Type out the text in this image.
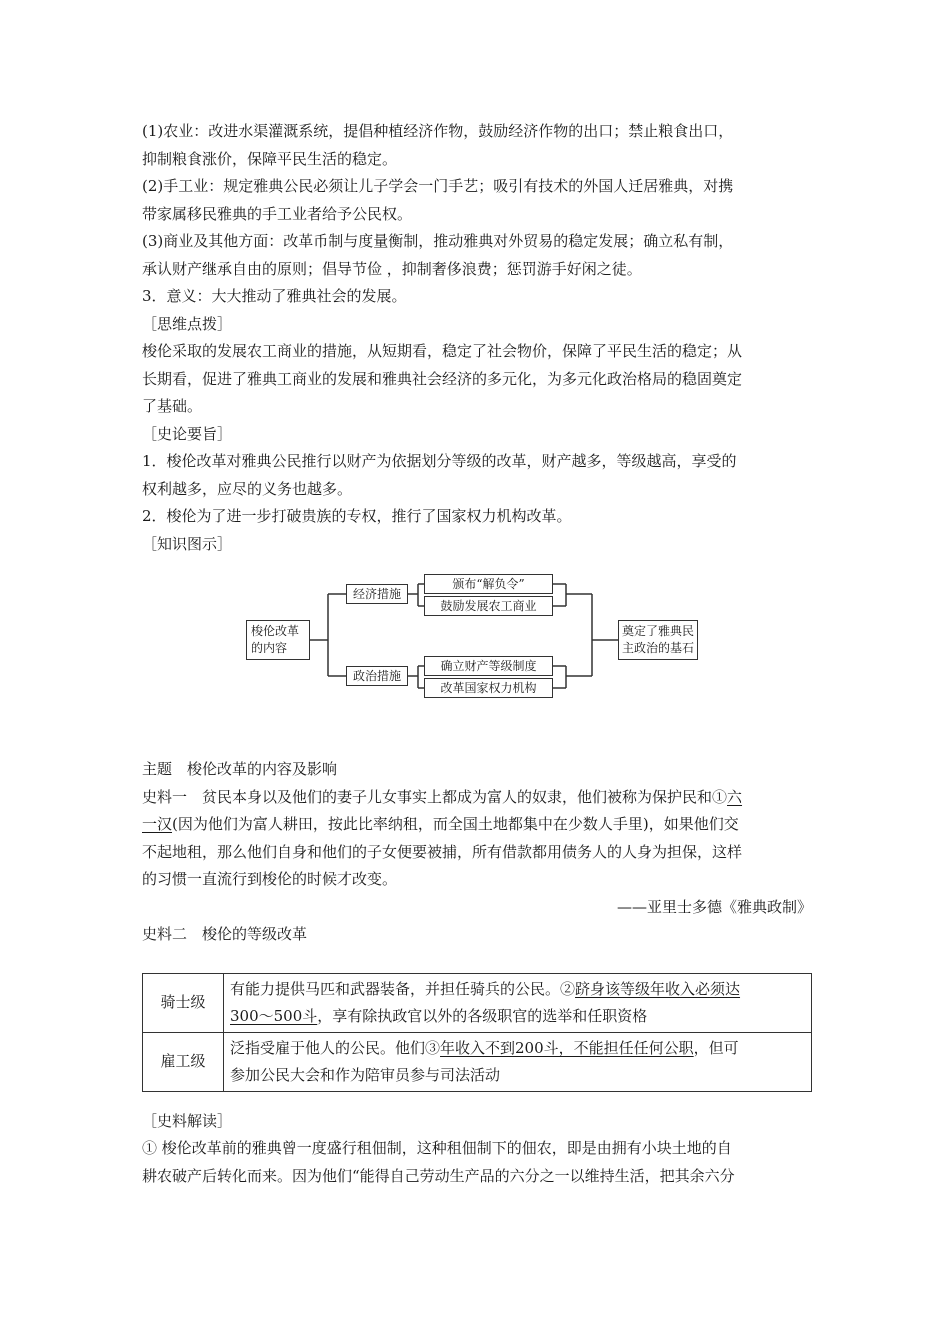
(1)农业：改进水渠灌溉系统，提倡种植经济作物，鼓励经济作物的出口；禁止粮食出口，

抑制粮食涨价，保障平民生活的稳定。

(2)手工业：规定雅典公民必须让儿子学会一门手艺；吸引有技术的外国人迁居雅典，对携

带家属移民雅典的手工业者给予公民权。

(3)商业及其他方面：改革币制与度量衡制，推动雅典对外贸易的稳定发展；确立私有制，

承认财产继承自由的原则；倡导节俭 ，抑制奢侈浪费；惩罚游手好闲之徒。

3．意义：大大推动了雅典社会的发展。

［思维点拨］

梭伦采取的发展农工商业的措施，从短期看，稳定了社会物价，保障了平民生活的稳定；从

长期看，促进了雅典工商业的发展和雅典社会经济的多元化，为多元化政治格局的稳固奠定

了基础。

［史论要旨］

1．梭伦改革对雅典公民推行以财产为依据划分等级的改革，财产越多，等级越高，享受的

权利越多，应尽的义务也越多。

2．梭伦为了进一步打破贵族的专权，推行了国家权力机构改革。

［知识图示］

梭伦改革的内容
经济措施
政治措施
颁布“解负令”
鼓励发展农工商业
确立财产等级制度
改革国家权力机构
奠定了雅典民主政治的基石

主题　梭伦改革的内容及影响

史料一　贫民本身以及他们的妻子儿女事实上都成为富人的奴隶，他们被称为保护民和①六

一汉(因为他们为富人耕田，按此比率纳租，而全国土地都集中在少数人手里)，如果他们交

不起地租，那么他们自身和他们的子女便要被捕，所有借款都用债务人的人身为担保，这样

的习惯一直流行到梭伦的时候才改变。

——亚里士多德《雅典政制》

史料二　梭伦的等级改革

骑士级	有能力提供马匹和武器装备，并担任骑兵的公民。②跻身该等级年收入必须达
300～500斗，享有除执政官以外的各级职官的选举和任职资格
雇工级	泛指受雇于他人的公民。他们③年收入不到200斗，不能担任任何公职，但可
参加公民大会和作为陪审员参与司法活动

［史料解读］

① 梭伦改革前的雅典曾一度盛行租佃制，这种租佃制下的佃农，即是由拥有小块土地的自

耕农破产后转化而来。因为他们“能得自己劳动生产品的六分之一以维持生活，把其余六分
